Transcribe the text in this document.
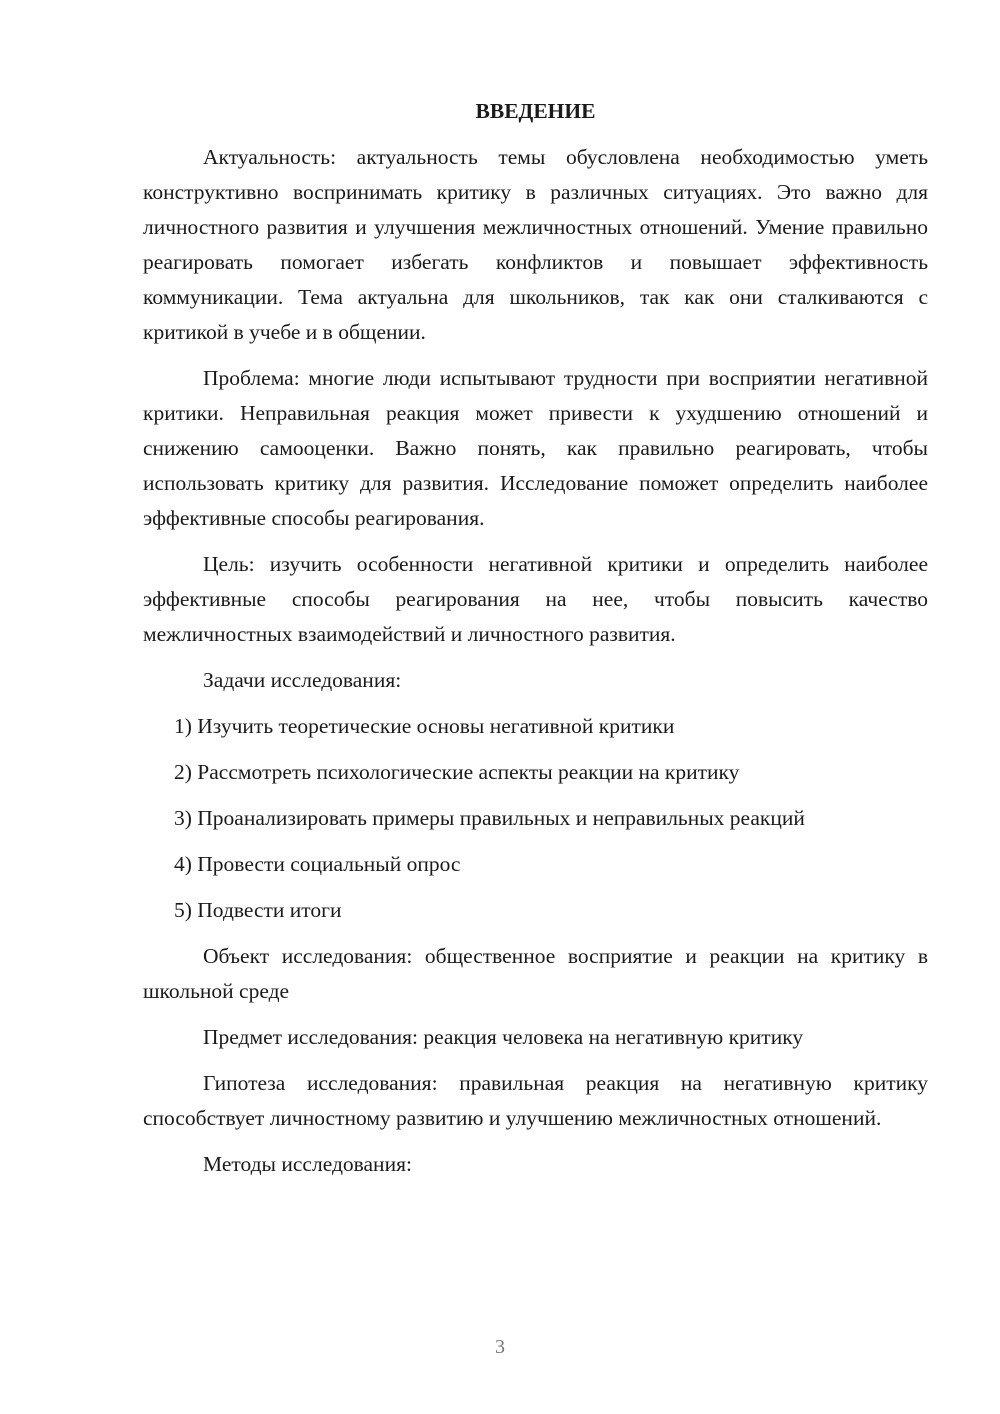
ВВЕДЕНИЕ

Актуальность: актуальность темы обусловлена необходимостью уметь конструктивно воспринимать критику в различных ситуациях. Это важно для личностного развития и улучшения межличностных отношений. Умение правильно реагировать помогает избегать конфликтов и повышает эффективность коммуникации. Тема актуальна для школьников, так как они сталкиваются с критикой в учебе и в общении.

Проблема: многие люди испытывают трудности при восприятии негативной критики. Неправильная реакция может привести к ухудшению отношений и снижению самооценки. Важно понять, как правильно реагировать, чтобы использовать критику для развития. Исследование поможет определить наиболее эффективные способы реагирования.

Цель: изучить особенности негативной критики и определить наиболее эффективные способы реагирования на нее, чтобы повысить качество межличностных взаимодействий и личностного развития.

Задачи исследования:

1) Изучить теоретические основы негативной критики
2) Рассмотреть психологические аспекты реакции на критику
3) Проанализировать примеры правильных и неправильных реакций
4) Провести социальный опрос
5) Подвести итоги

Объект исследования: общественное восприятие и реакции на критику в школьной среде

Предмет исследования: реакция человека на негативную критику

Гипотеза исследования: правильная реакция на негативную критику способствует личностному развитию и улучшению межличностных отношений.

Методы исследования:

3
